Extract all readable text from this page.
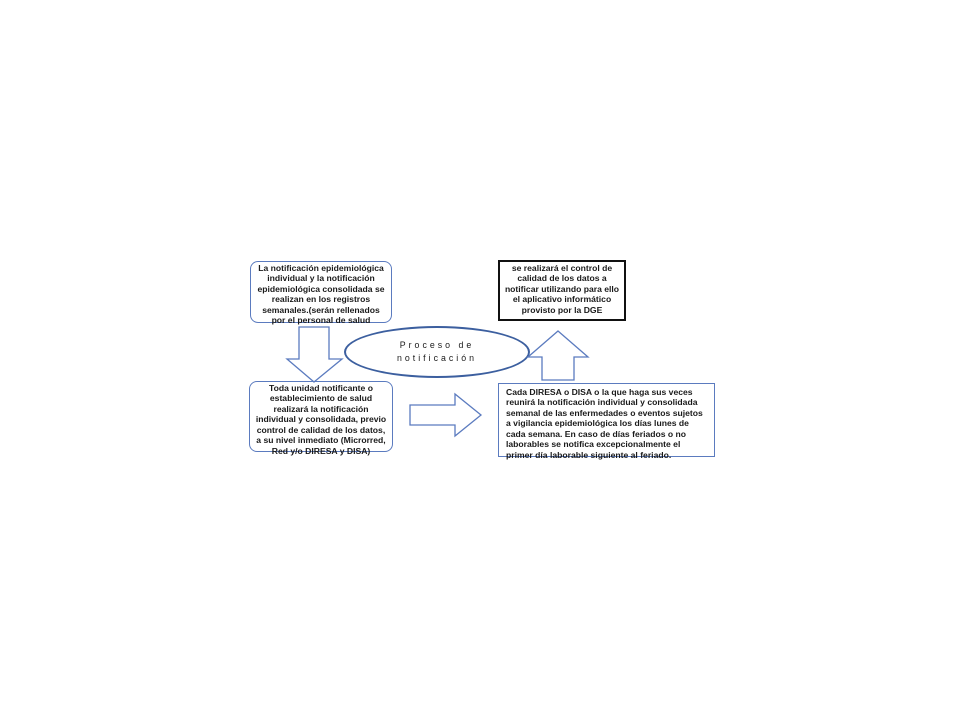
La notificación epidemiológica individual y la notificación epidemiológica consolidada se realizan en los registros semanales.(serán rellenados por el personal de salud
se realizará el control de calidad de los datos a notificar utilizando para ello el aplicativo informático provisto por la DGE
Toda unidad notificante o establecimiento de salud realizará la notificación individual y consolidada, previo control de calidad de los datos, a su nivel inmediato (Microrred, Red y/o DIRESA y DISA)
Cada DIRESA o DISA o la que haga sus veces reunirá la notificación individual y consolidada semanal de las enfermedades o eventos sujetos a vigilancia epidemiológica los días lunes de cada semana. En caso de días feriados o no laborables se notifica excepcionalmente el primer día laborable siguiente al feriado.
Proceso de notificación
